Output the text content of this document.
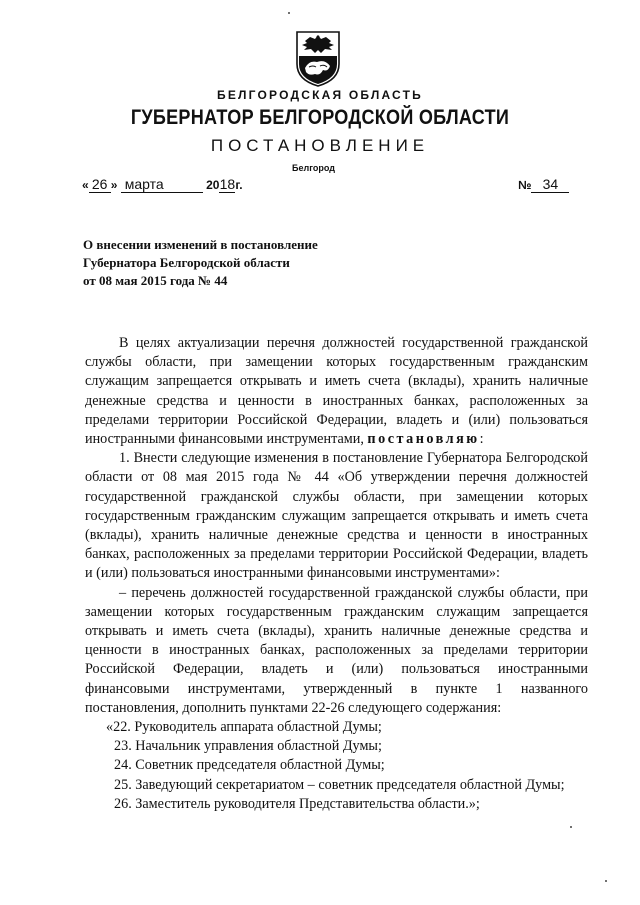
БЕЛГОРОДСКАЯ ОБЛАСТЬ
ГУБЕРНАТОР БЕЛГОРОДСКОЙ ОБЛАСТИ
ПОСТАНОВЛЕНИЕ
Белгород
« 26 » марта	2018г.	№ 34
О внесении изменений в постановление
Губернатора Белгородской области
от 08 мая 2015 года № 44

В целях актуализации перечня должностей государственной гражданской службы области, при замещении которых государственным гражданским служащим запрещается открывать и иметь счета (вклады), хранить наличные денежные средства и ценности в иностранных банках, расположенных за пределами территории Российской Федерации, владеть и (или) пользоваться иностранными финансовыми инструментами, постановляю:

1. Внести следующие изменения в постановление Губернатора Белгородской области от 08 мая 2015 года № 44 «Об утверждении перечня должностей государственной гражданской службы области, при замещении которых государственным гражданским служащим запрещается открывать и иметь счета (вклады), хранить наличные денежные средства и ценности в иностранных банках, расположенных за пределами территории Российской Федерации, владеть и (или) пользоваться иностранными финансовыми инструментами»:

– перечень должностей государственной гражданской службы области, при замещении которых государственным гражданским служащим запрещается открывать и иметь счета (вклады), хранить наличные денежные средства и ценности в иностранных банках, расположенных за пределами территории Российской Федерации, владеть и (или) пользоваться иностранными финансовыми инструментами, утвержденный в пункте 1 названного постановления, дополнить пунктами 22-26 следующего содержания:

«22. Руководитель аппарата областной Думы;
23. Начальник управления областной Думы;
24. Советник председателя областной Думы;
25. Заведующий секретариатом – советник председателя областной Думы;
26. Заместитель руководителя Представительства области.»;
